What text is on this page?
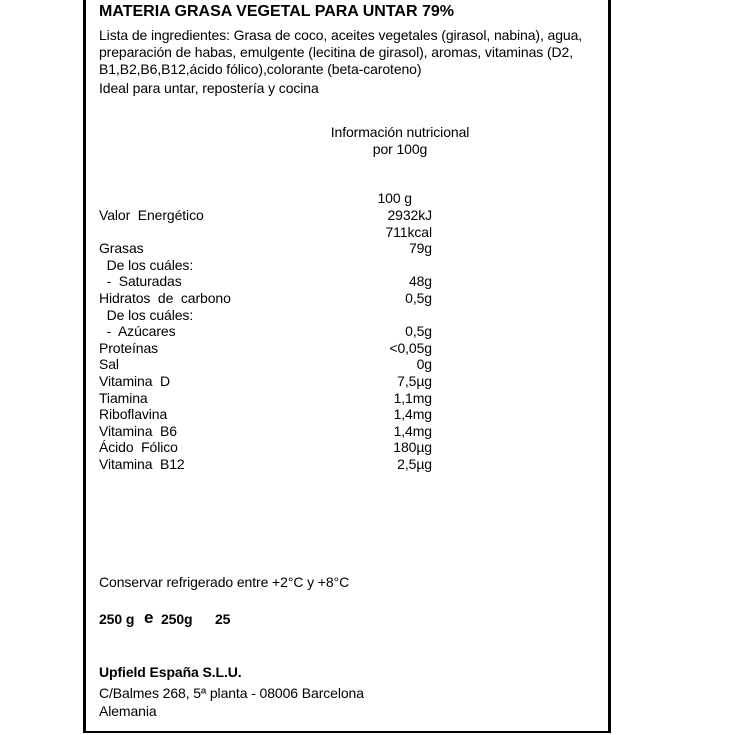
MATERIA GRASA VEGETAL PARA UNTAR 79%
Lista de ingredientes: Grasa de coco, aceites vegetales (girasol, nabina), agua,
preparación de habas, emulgente (lecitina de girasol), aromas, vitaminas (D2,
B1,B2,B6,B12,ácido fólico),colorante (beta-caroteno)
Ideal para untar, repostería y cocina
Información nutricional
por 100g
100 g
Valor  Energético	2932kJ
711kcal
Grasas	79g
De los cuáles:
-  Saturadas	48g
Hidratos  de  carbono	0,5g
De los cuáles:
-  Azúcares	0,5g
Proteínas	<0,05g
Sal	0g
Vitamina  D	7,5µg
Tiamina	1,1mg
Riboflavina	1,4mg
Vitamina  B6	1,4mg
Ácido  Fólico	180µg
Vitamina  B12	2,5µg
Conservar refrigerado entre +2°C y +8°C
250 g e 250g 25
Upfield España S.L.U.
C/Balmes 268, 5ª planta - 08006 Barcelona
Alemania
